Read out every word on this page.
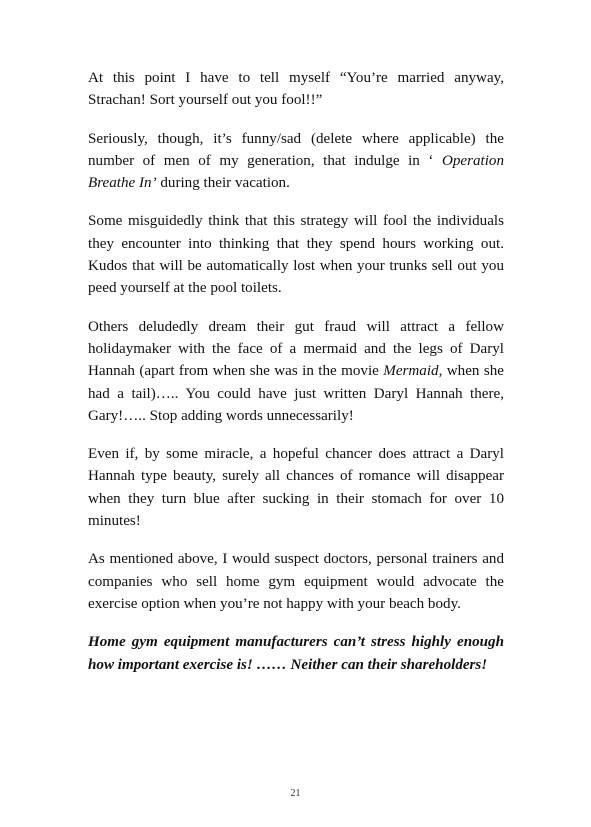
At this point I have to tell myself “You’re married anyway, Strachan! Sort yourself out you fool!!”

Seriously, though, it’s funny/sad (delete where applicable) the number of men of my generation, that indulge in ‘ Operation Breathe In’ during their vacation.

Some misguidedly think that this strategy will fool the individuals they encounter into thinking that they spend hours working out. Kudos that will be automatically lost when your trunks sell out you peed yourself at the pool toilets.

Others deludedly dream their gut fraud will attract a fellow holidaymaker with the face of a mermaid and the legs of Daryl Hannah (apart from when she was in the movie Mermaid, when she had a tail)….. You could have just written Daryl Hannah there, Gary!….. Stop adding words unnecessarily!

Even if, by some miracle, a hopeful chancer does attract a Daryl Hannah type beauty, surely all chances of romance will disappear when they turn blue after sucking in their stomach for over 10 minutes!

As mentioned above, I would suspect doctors, personal trainers and companies who sell home gym equipment would advocate the exercise option when you’re not happy with your beach body.

Home gym equipment manufacturers can’t stress highly enough how important exercise is! …… Neither can their shareholders!

21
